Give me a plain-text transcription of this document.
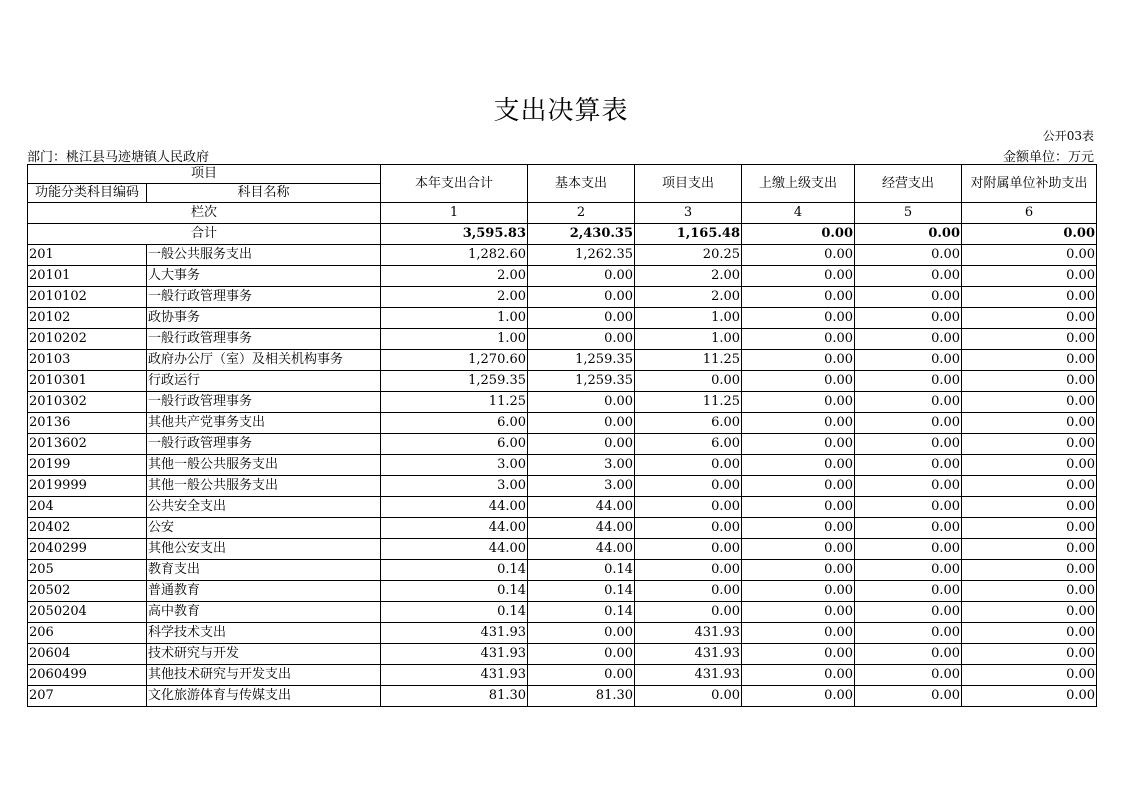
支出决算表
公开03表
部门：桃江县马迹塘镇人民政府	金额单位：万元
项目		本年支出合计	基本支出	项目支出	上缴上级支出	经营支出	对附属单位补助支出
功能分类科目编码	科目名称						
栏次		1	2	3	4	5	6
合计		3,595.83	2,430.35	1,165.48	0.00	0.00	0.00
201	一般公共服务支出	1,282.60	1,262.35	20.25	0.00	0.00	0.00
20101	人大事务	2.00	0.00	2.00	0.00	0.00	0.00
2010102	一般行政管理事务	2.00	0.00	2.00	0.00	0.00	0.00
20102	政协事务	1.00	0.00	1.00	0.00	0.00	0.00
2010202	一般行政管理事务	1.00	0.00	1.00	0.00	0.00	0.00
20103	政府办公厅（室）及相关机构事务	1,270.60	1,259.35	11.25	0.00	0.00	0.00
2010301	行政运行	1,259.35	1,259.35	0.00	0.00	0.00	0.00
2010302	一般行政管理事务	11.25	0.00	11.25	0.00	0.00	0.00
20136	其他共产党事务支出	6.00	0.00	6.00	0.00	0.00	0.00
2013602	一般行政管理事务	6.00	0.00	6.00	0.00	0.00	0.00
20199	其他一般公共服务支出	3.00	3.00	0.00	0.00	0.00	0.00
2019999	其他一般公共服务支出	3.00	3.00	0.00	0.00	0.00	0.00
204	公共安全支出	44.00	44.00	0.00	0.00	0.00	0.00
20402	公安	44.00	44.00	0.00	0.00	0.00	0.00
2040299	其他公安支出	44.00	44.00	0.00	0.00	0.00	0.00
205	教育支出	0.14	0.14	0.00	0.00	0.00	0.00
20502	普通教育	0.14	0.14	0.00	0.00	0.00	0.00
2050204	高中教育	0.14	0.14	0.00	0.00	0.00	0.00
206	科学技术支出	431.93	0.00	431.93	0.00	0.00	0.00
20604	技术研究与开发	431.93	0.00	431.93	0.00	0.00	0.00
2060499	其他技术研究与开发支出	431.93	0.00	431.93	0.00	0.00	0.00
207	文化旅游体育与传媒支出	81.30	81.30	0.00	0.00	0.00	0.00
